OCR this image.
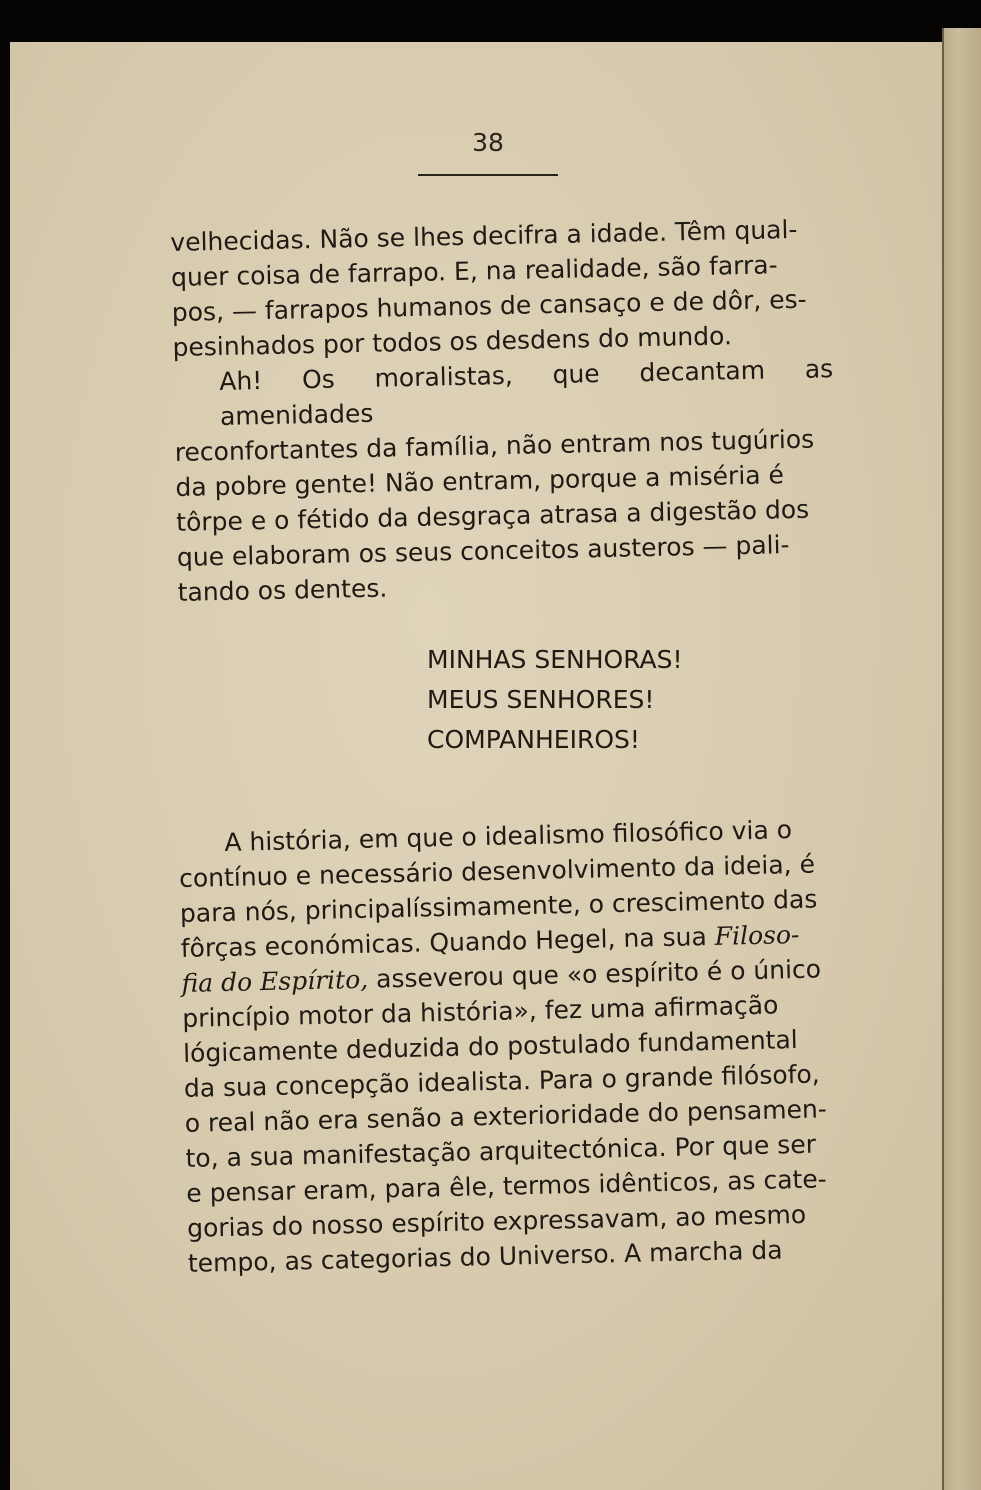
38
velhecidas. Não se lhes decifra a idade. Têm qual-
quer coisa de farrapo. E, na realidade, são farra-
pos, — farrapos humanos de cansaço e de dôr, es-
pesinhados por todos os desdens do mundo.
Ah! Os moralistas, que decantam as amenidades
reconfortantes da família, não entram nos tugúrios
da pobre gente! Não entram, porque a miséria é
tôrpe e o fétido da desgraça atrasa a digestão dos
que elaboram os seus conceitos austeros — pali-
tando os dentes.
MINHAS SENHORAS!
MEUS SENHORES!
COMPANHEIROS!
A história, em que o idealismo filosófico via o
contínuo e necessário desenvolvimento da ideia, é
para nós, principalíssimamente, o crescimento das
fôrças económicas. Quando Hegel, na sua Filoso-
fia do Espírito, asseverou que «o espírito é o único
princípio motor da história», fez uma afirmação
lógicamente deduzida do postulado fundamental
da sua concepção idealista. Para o grande filósofo,
o real não era senão a exterioridade do pensamen-
to, a sua manifestação arquitectónica. Por que ser
e pensar eram, para êle, termos idênticos, as cate-
gorias do nosso espírito expressavam, ao mesmo
tempo, as categorias do Universo. A marcha da
